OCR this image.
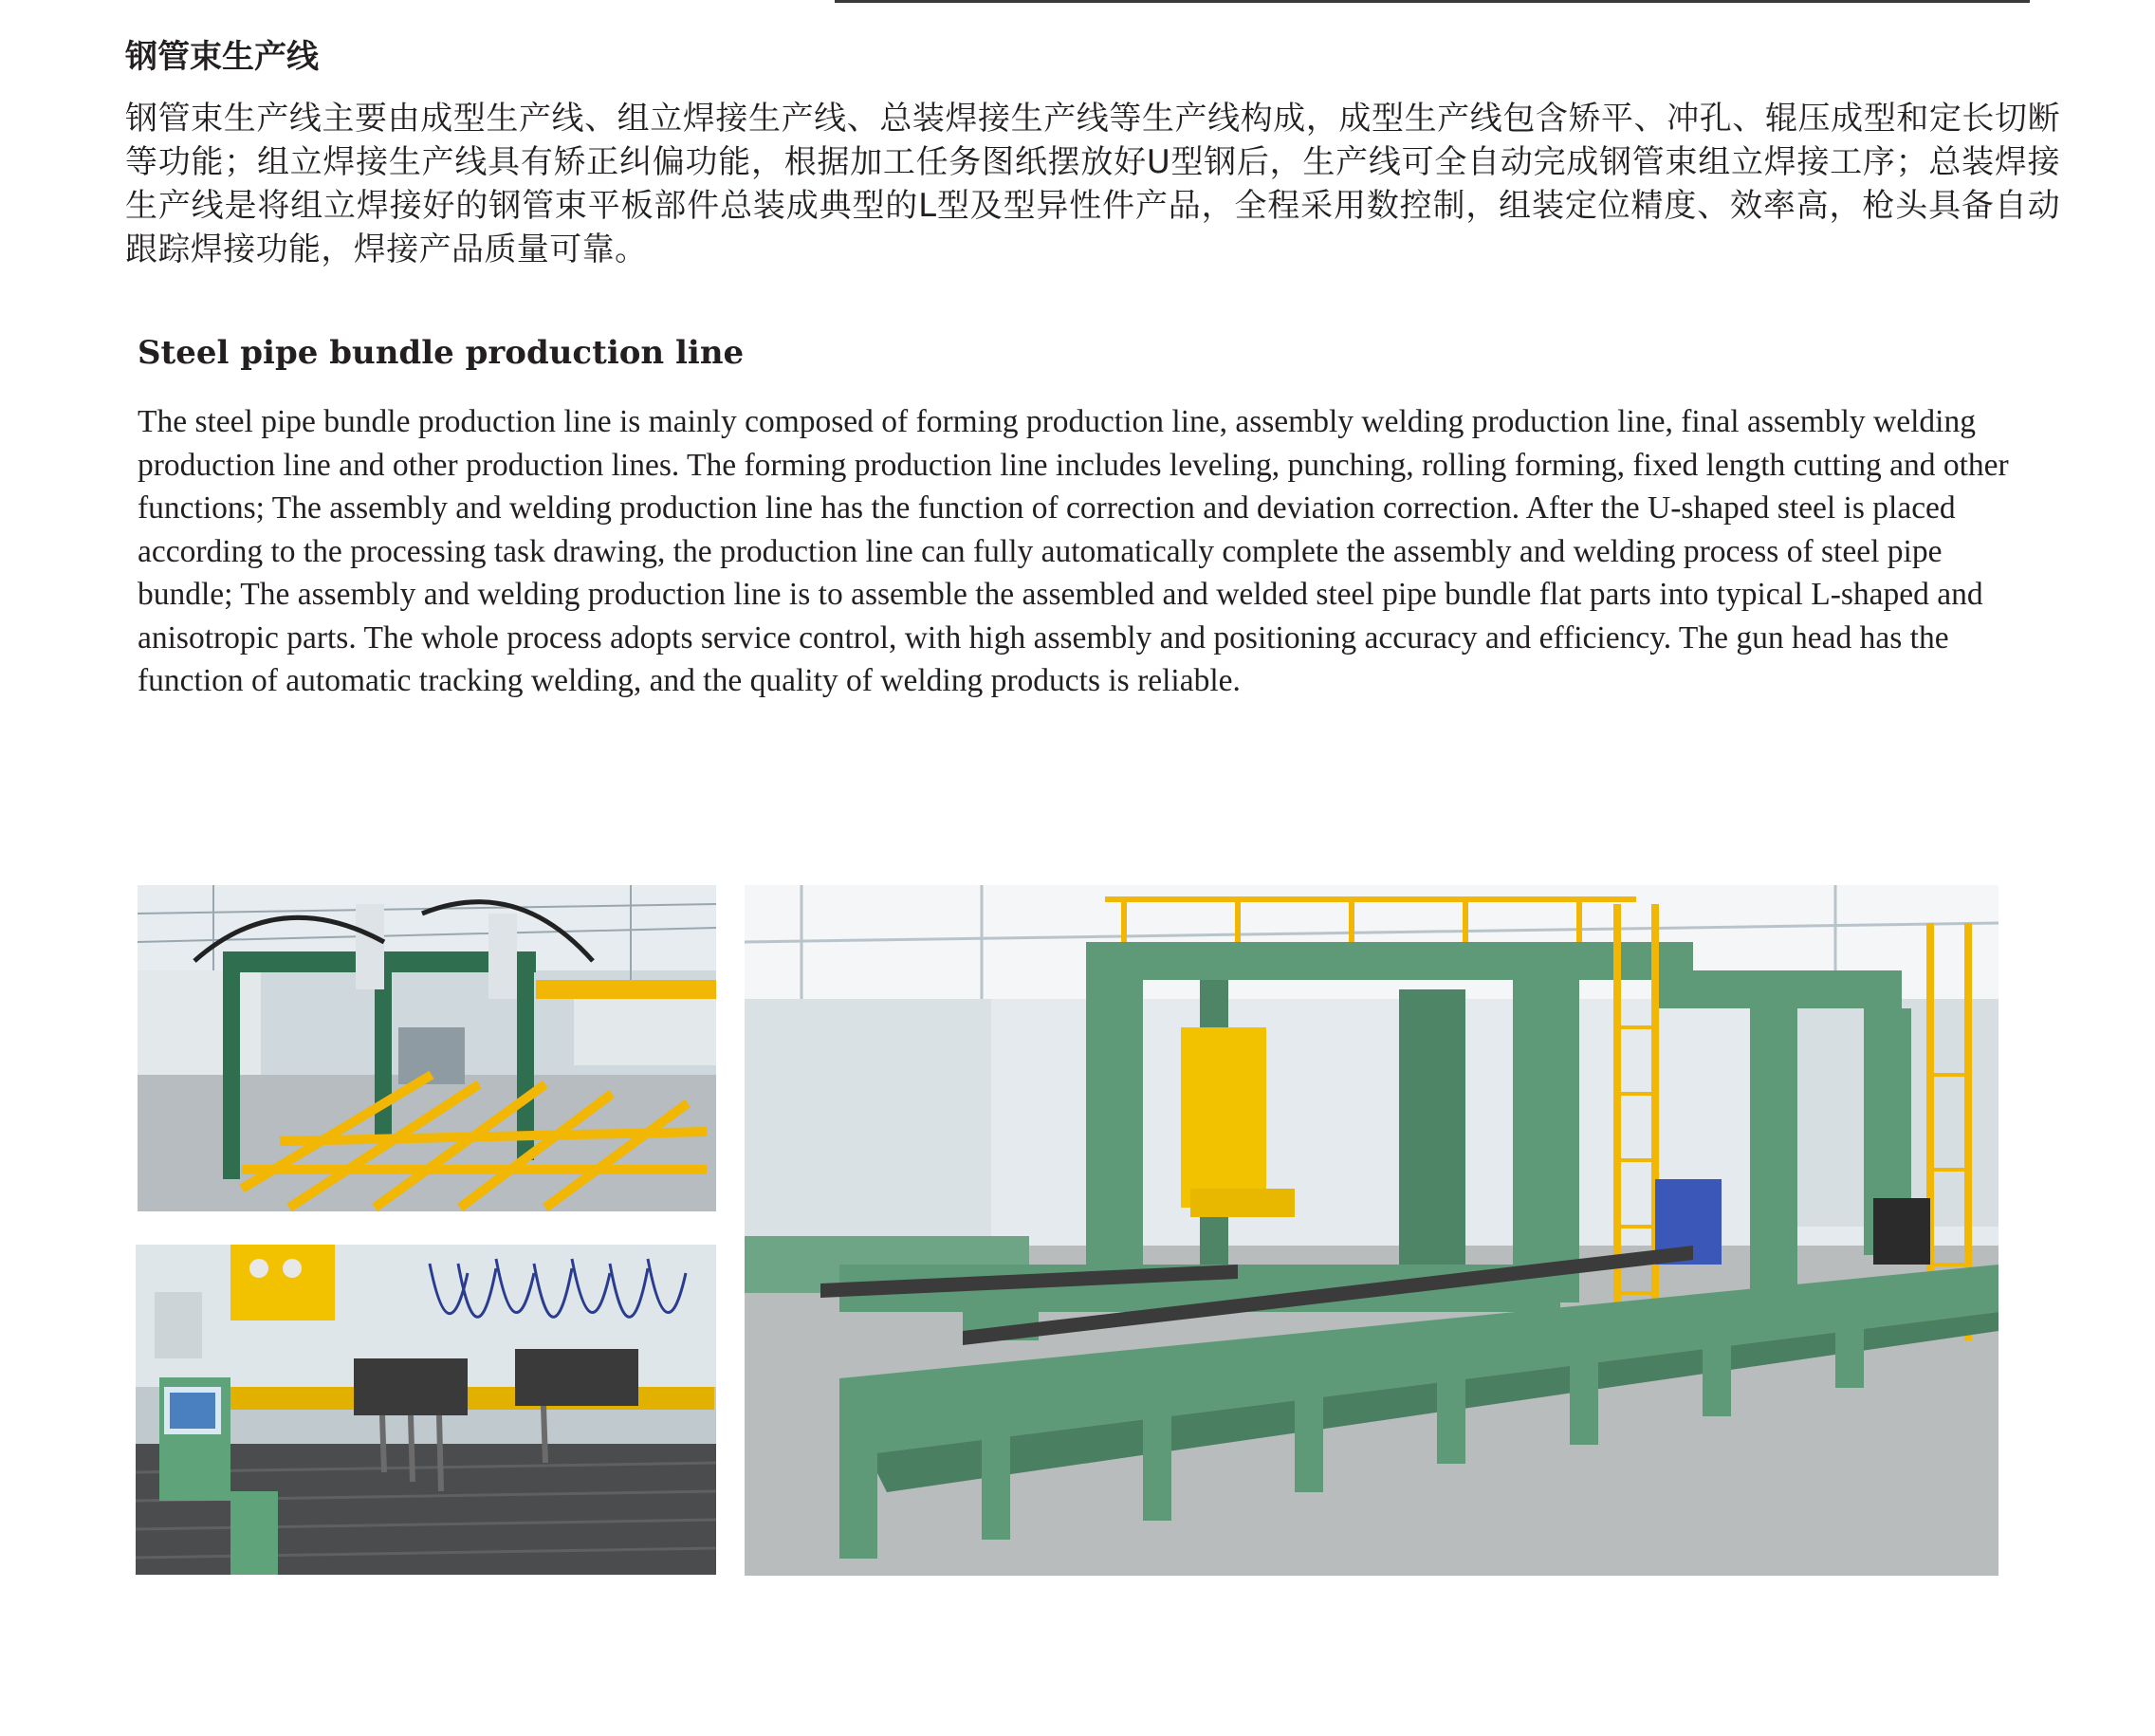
钢管束生产线
钢管束生产线主要由成型生产线、组立焊接生产线、总装焊接生产线等生产线构成，成型生产线包含矫平、冲孔、辊压成型和定长切断等功能；组立焊接生产线具有矫正纠偏功能，根据加工任务图纸摆放好U型钢后，生产线可全自动完成钢管束组立焊接工序；总装焊接生产线是将组立焊接好的钢管束平板部件总装成典型的L型及型异性件产品，全程采用数控制，组装定位精度、效率高，枪头具备自动跟踪焊接功能，焊接产品质量可靠。
Steel pipe bundle production line
The steel pipe bundle production line is mainly composed of forming production line, assembly welding production line, final assembly welding production line and other production lines. The forming production line includes leveling, punching, rolling forming, fixed length cutting and other functions; The assembly and welding production line has the function of correction and deviation correction. After the U-shaped steel is placed according to the processing task drawing, the production line can fully automatically complete the assembly and welding process of steel pipe bundle; The assembly and welding production line is to assemble the assembled and welded steel pipe bundle flat parts into typical L-shaped and anisotropic parts. The whole process adopts service control, with high assembly and positioning accuracy and efficiency. The gun head has the function of automatic tracking welding, and the quality of welding products is reliable.
